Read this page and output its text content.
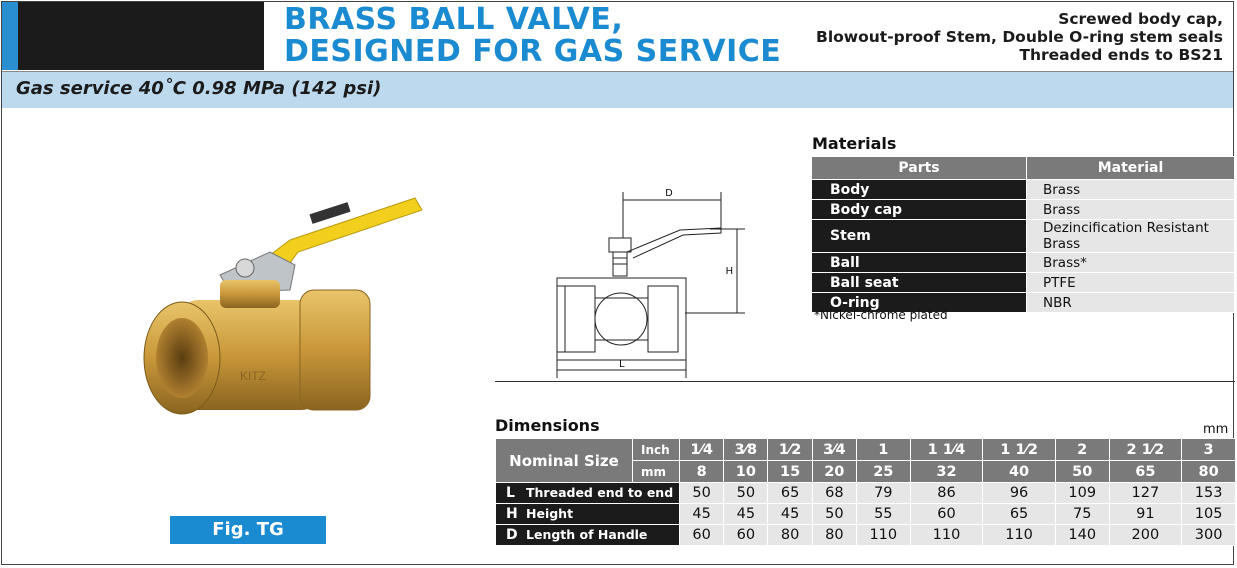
BRASS BALL VALVE,
DESIGNED FOR GAS SERVICE
Screwed body cap,
Blowout-proof Stem, Double O-ring stem seals
Threaded ends to BS21
Gas service 40˚C 0.98 MPa (142 psi)
KITZ
D
H
L
Fig. TG
Materials
Parts	Material
Body	Brass
Body cap	Brass
Stem	Dezincification Resistant Brass
Ball	Brass*
Ball seat	PTFE
O-ring	NBR
*Nickel-chrome plated
Dimensions	mm
Nominal Size	Inch	1⁄4	3⁄8	1⁄2	3⁄4	1	1 1⁄4	1 1⁄2	2	2 1⁄2	3
	mm	8	10	15	20	25	32	40	50	65	80
L Threaded end to end		50	50	65	68	79	86	96	109	127	153
H Height		45	45	45	50	55	60	65	75	91	105
D Length of Handle		60	60	80	80	110	110	110	140	200	300
